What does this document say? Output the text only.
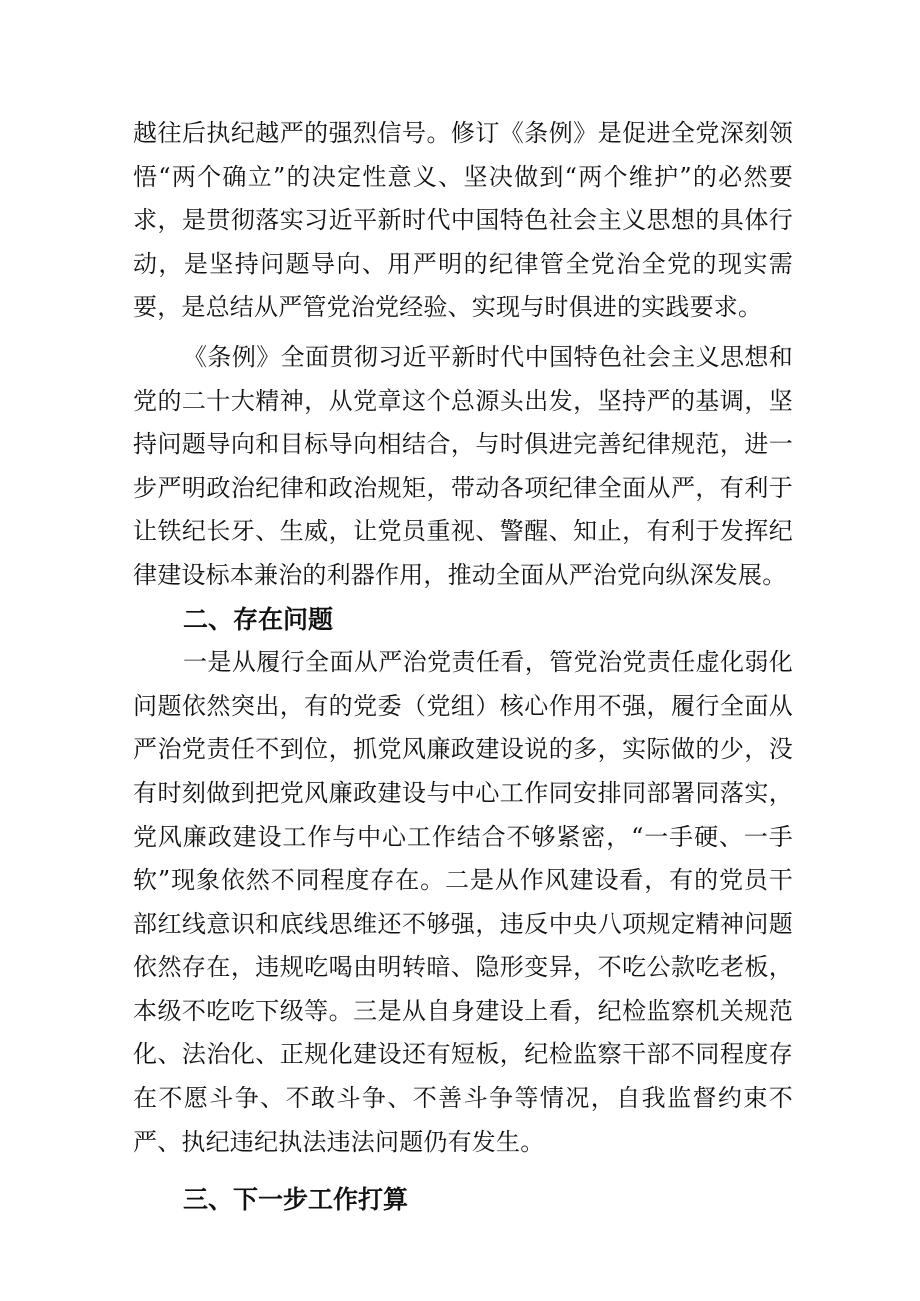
越往后执纪越严的强烈信号。修订《条例》是促进全党深刻领悟“两个确立”的决定性意义、坚决做到“两个维护”的必然要求，是贯彻落实习近平新时代中国特色社会主义思想的具体行动，是坚持问题导向、用严明的纪律管全党治全党的现实需要，是总结从严管党治党经验、实现与时俱进的实践要求。

《条例》全面贯彻习近平新时代中国特色社会主义思想和党的二十大精神，从党章这个总源头出发，坚持严的基调，坚持问题导向和目标导向相结合，与时俱进完善纪律规范，进一步严明政治纪律和政治规矩，带动各项纪律全面从严，有利于让铁纪长牙、生威，让党员重视、警醒、知止，有利于发挥纪律建设标本兼治的利器作用，推动全面从严治党向纵深发展。

二、存在问题

一是从履行全面从严治党责任看，管党治党责任虚化弱化问题依然突出，有的党委（党组）核心作用不强，履行全面从严治党责任不到位，抓党风廉政建设说的多，实际做的少，没有时刻做到把党风廉政建设与中心工作同安排同部署同落实，党风廉政建设工作与中心工作结合不够紧密，“一手硬、一手软”现象依然不同程度存在。二是从作风建设看，有的党员干部红线意识和底线思维还不够强，违反中央八项规定精神问题依然存在，违规吃喝由明转暗、隐形变异，不吃公款吃老板，本级不吃吃下级等。三是从自身建设上看，纪检监察机关规范化、法治化、正规化建设还有短板，纪检监察干部不同程度存在不愿斗争、不敢斗争、不善斗争等情况，自我监督约束不严、执纪违纪执法违法问题仍有发生。

三、下一步工作打算
